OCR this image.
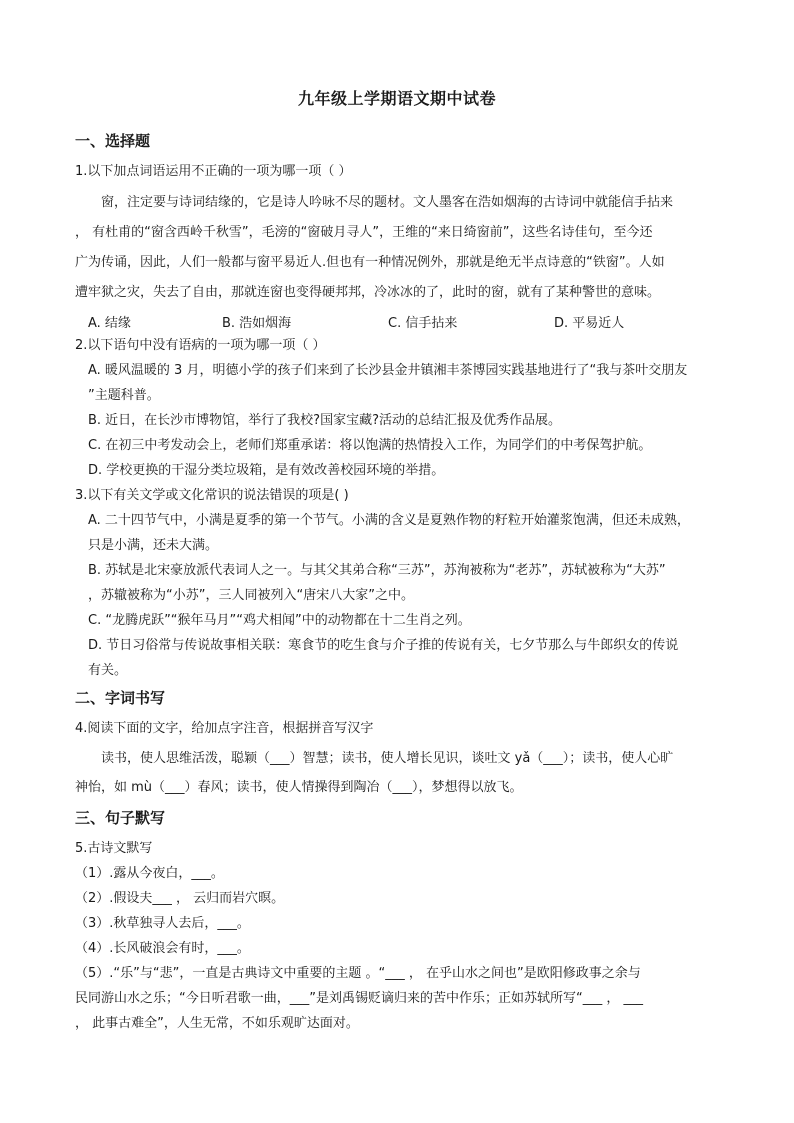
九年级上学期语文期中试卷
一、选择题
1.以下加点词语运用不正确的一项为哪一项（ ）
窗，注定要与诗词结缘的，它是诗人吟咏不尽的题材。文人墨客在浩如烟海的古诗词中就能信手拈来
， 有杜甫的“窗含西岭千秋雪”，毛滂的“窗破月寻人”，王维的“来日绮窗前”，这些名诗佳句，至今还
广为传诵，因此，人们一般都与窗平易近人.但也有一种情况例外，那就是绝无半点诗意的“铁窗”。人如
遭牢狱之灾，失去了自由，那就连窗也变得硬邦邦，冷冰冰的了，此时的窗，就有了某种警世的意味。
A. 结缘	B. 浩如烟海	C. 信手拈来	D. 平易近人
2.以下语句中没有语病的一项为哪一项（ ）
A. 暖风温暖的 3 月，明德小学的孩子们来到了长沙县金井镇湘丰茶博园实践基地进行了“我与茶叶交朋友
”主题科普。
B. 近日，在长沙市博物馆，举行了我校?国家宝藏?活动的总结汇报及优秀作品展。
C. 在初三中考发动会上，老师们郑重承诺：将以饱满的热情投入工作，为同学们的中考保驾护航。
D. 学校更换的干湿分类垃圾箱，是有效改善校园环境的举措。
3.以下有关文学或文化常识的说法错误的项是( )
A. 二十四节气中，小满是夏季的第一个节气。小满的含义是夏熟作物的籽粒开始灌浆饱满，但还未成熟，
只是小满，还未大满。
B. 苏轼是北宋豪放派代表词人之一。与其父其弟合称“三苏”，苏洵被称为“老苏”，苏轼被称为“大苏”
，苏辙被称为“小苏”，三人同被列入“唐宋八大家”之中。
C. “龙腾虎跃”“猴年马月”“鸡犬相闻”中的动物都在十二生肖之列。
D. 节日习俗常与传说故事相关联：寒食节的吃生食与介子推的传说有关，七夕节那么与牛郎织女的传说
有关。
二、字词书写
4.阅读下面的文字，给加点字注音，根据拼音写汉字
读书，使人思维活泼，聪颖（___）智慧；读书，使人增长见识，谈吐文 yǎ（___）；读书，使人心旷
神怡，如 mù（___）春风；读书，使人情操得到陶冶（___），梦想得以放飞。
三、句子默写
5.古诗文默写
（1）.露从今夜白，___。
（2）.假设夫___ ， 云归而岩穴暝。
（3）.秋草独寻人去后，___。
（4）.长风破浪会有时，___。
（5）.“乐”与“悲”，一直是古典诗文中重要的主题 。“___ ， 在乎山水之间也”是欧阳修政事之余与
民同游山水之乐；“今日听君歌一曲，___”是刘禹锡贬谪归来的苦中作乐；正如苏轼所写“___ ， ___
， 此事古难全”，人生无常，不如乐观旷达面对。
